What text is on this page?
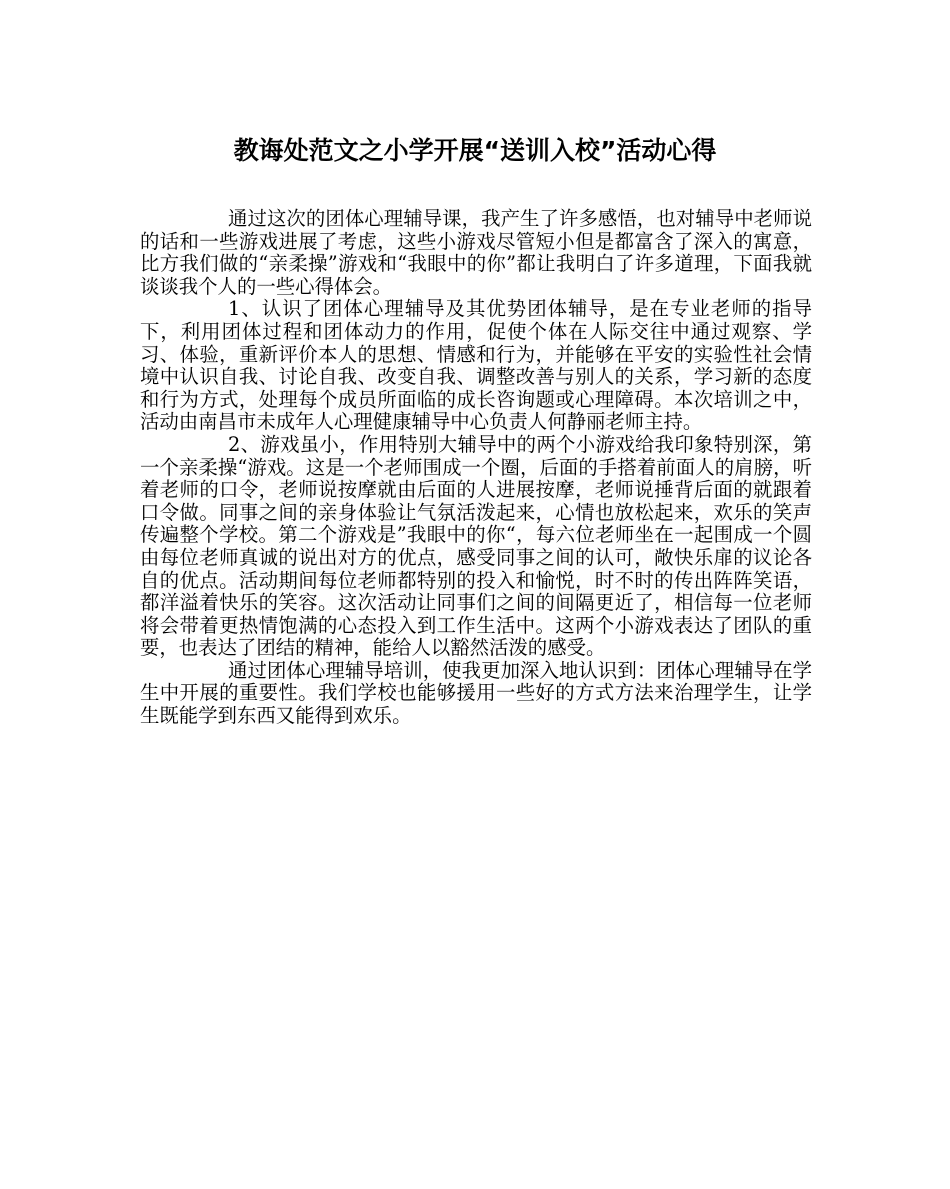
教诲处范文之小学开展“送训入校”活动心得

通过这次的团体心理辅导课，我产生了许多感悟，也对辅导中老师说的话和一些游戏进展了考虑，这些小游戏尽管短小但是都富含了深入的寓意，比方我们做的“亲柔操”游戏和“我眼中的你”都让我明白了许多道理，下面我就谈谈我个人的一些心得体会。

1、认识了团体心理辅导及其优势团体辅导，是在专业老师的指导下，利用团体过程和团体动力的作用，促使个体在人际交往中通过观察、学习、体验，重新评价本人的思想、情感和行为，并能够在平安的实验性社会情境中认识自我、讨论自我、改变自我、调整改善与别人的关系，学习新的态度和行为方式，处理每个成员所面临的成长咨询题或心理障碍。本次培训之中，活动由南昌市未成年人心理健康辅导中心负责人何静丽老师主持。

2、游戏虽小，作用特别大辅导中的两个小游戏给我印象特别深，第一个亲柔操“游戏。这是一个老师围成一个圈，后面的手搭着前面人的肩膀，听着老师的口令，老师说按摩就由后面的人进展按摩，老师说捶背后面的就跟着口令做。同事之间的亲身体验让气氛活泼起来，心情也放松起来，欢乐的笑声传遍整个学校。第二个游戏是”我眼中的你“，每六位老师坐在一起围成一个圆由每位老师真诚的说出对方的优点，感受同事之间的认可，敞快乐扉的议论各自的优点。活动期间每位老师都特别的投入和愉悦，时不时的传出阵阵笑语，都洋溢着快乐的笑容。这次活动让同事们之间的间隔更近了，相信每一位老师将会带着更热情饱满的心态投入到工作生活中。这两个小游戏表达了团队的重要，也表达了团结的精神，能给人以豁然活泼的感受。

通过团体心理辅导培训，使我更加深入地认识到：团体心理辅导在学生中开展的重要性。我们学校也能够援用一些好的方式方法来治理学生，让学生既能学到东西又能得到欢乐。
